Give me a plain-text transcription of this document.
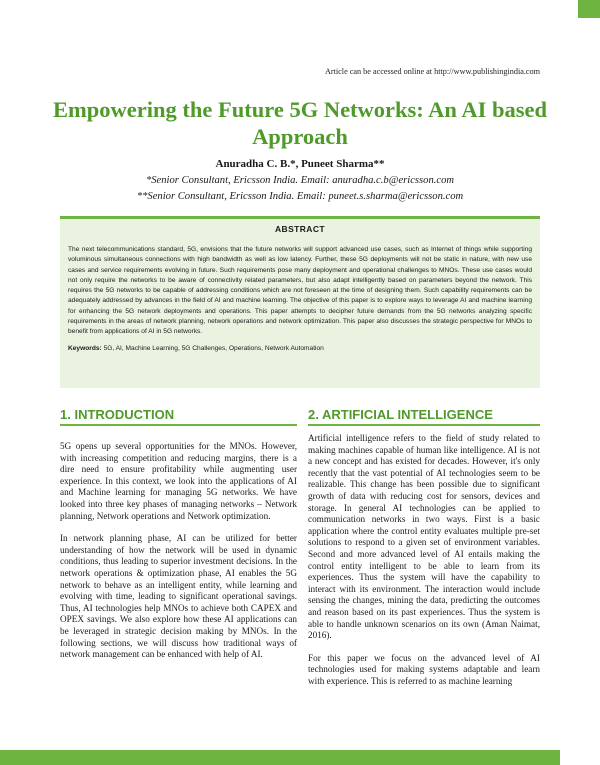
Article can be accessed online at http://www.publishingindia.com
Empowering the Future 5G Networks: An AI based Approach
Anuradha C. B.*, Puneet Sharma**
*Senior Consultant, Ericsson India. Email: anuradha.c.b@ericsson.com
**Senior Consultant, Ericsson India. Email: puneet.s.sharma@ericsson.com
ABSTRACT

The next telecommunications standard, 5G, envisions that the future networks will support advanced use cases, such as Internet of things while supporting voluminous simultaneous connections with high bandwidth as well as low latency. Further, these 5G deployments will not be static in nature, with new use cases and service requirements evolving in future. Such requirements pose many deployment and operational challenges to MNOs. These use cases would not only require the networks to be aware of connectivity related parameters, but also adapt intelligently based on parameters beyond the network. This requires the 5G networks to be capable of addressing conditions which are not foreseen at the time of designing them. Such capability requirements can be adequately addressed by advances in the field of AI and machine learning. The objective of this paper is to explore ways to leverage AI and machine learning for enhancing the 5G network deployments and operations. This paper attempts to decipher future demands from the 5G networks analyzing specific requirements in the areas of network planning, network operations and network optimization. This paper also discusses the strategic perspective for MNOs to benefit from applications of AI in 5G networks.

Keywords: 5G, AI, Machine Learning, 5G Challenges, Operations, Network Automation
1. INTRODUCTION

5G opens up several opportunities for the MNOs. However, with increasing competition and reducing margins, there is a dire need to ensure profitability while augmenting user experience. In this context, we look into the applications of AI and Machine learning for managing 5G networks. We have looked into three key phases of managing networks – Network planning, Network operations and Network optimization.

In network planning phase, AI can be utilized for better understanding of how the network will be used in dynamic conditions, thus leading to superior investment decisions. In the network operations & optimization phase, AI enables the 5G network to behave as an intelligent entity, while learning and evolving with time, leading to significant operational savings. Thus, AI technologies help MNOs to achieve both CAPEX and OPEX savings. We also explore how these AI applications can be leveraged in strategic decision making by MNOs. In the following sections, we will discuss how traditional ways of network management can be enhanced with help of AI.

2. ARTIFICIAL INTELLIGENCE

Artificial intelligence refers to the field of study related to making machines capable of human like intelligence. AI is not a new concept and has existed for decades. However, it's only recently that the vast potential of AI technologies seem to be realizable. This change has been possible due to significant growth of data with reducing cost for sensors, devices and storage. In general AI technologies can be applied to communication networks in two ways. First is a basic application where the control entity evaluates multiple pre-set solutions to respond to a given set of environment variables. Second and more advanced level of AI entails making the control entity intelligent to be able to learn from its experiences. Thus the system will have the capability to interact with its environment. The interaction would include sensing the changes, mining the data, predicting the outcomes and reason based on its past experiences. Thus the system is able to handle unknown scenarios on its own (Aman Naimat, 2016).

For this paper we focus on the advanced level of AI technologies used for making systems adaptable and learn with experience. This is referred to as machine learning
